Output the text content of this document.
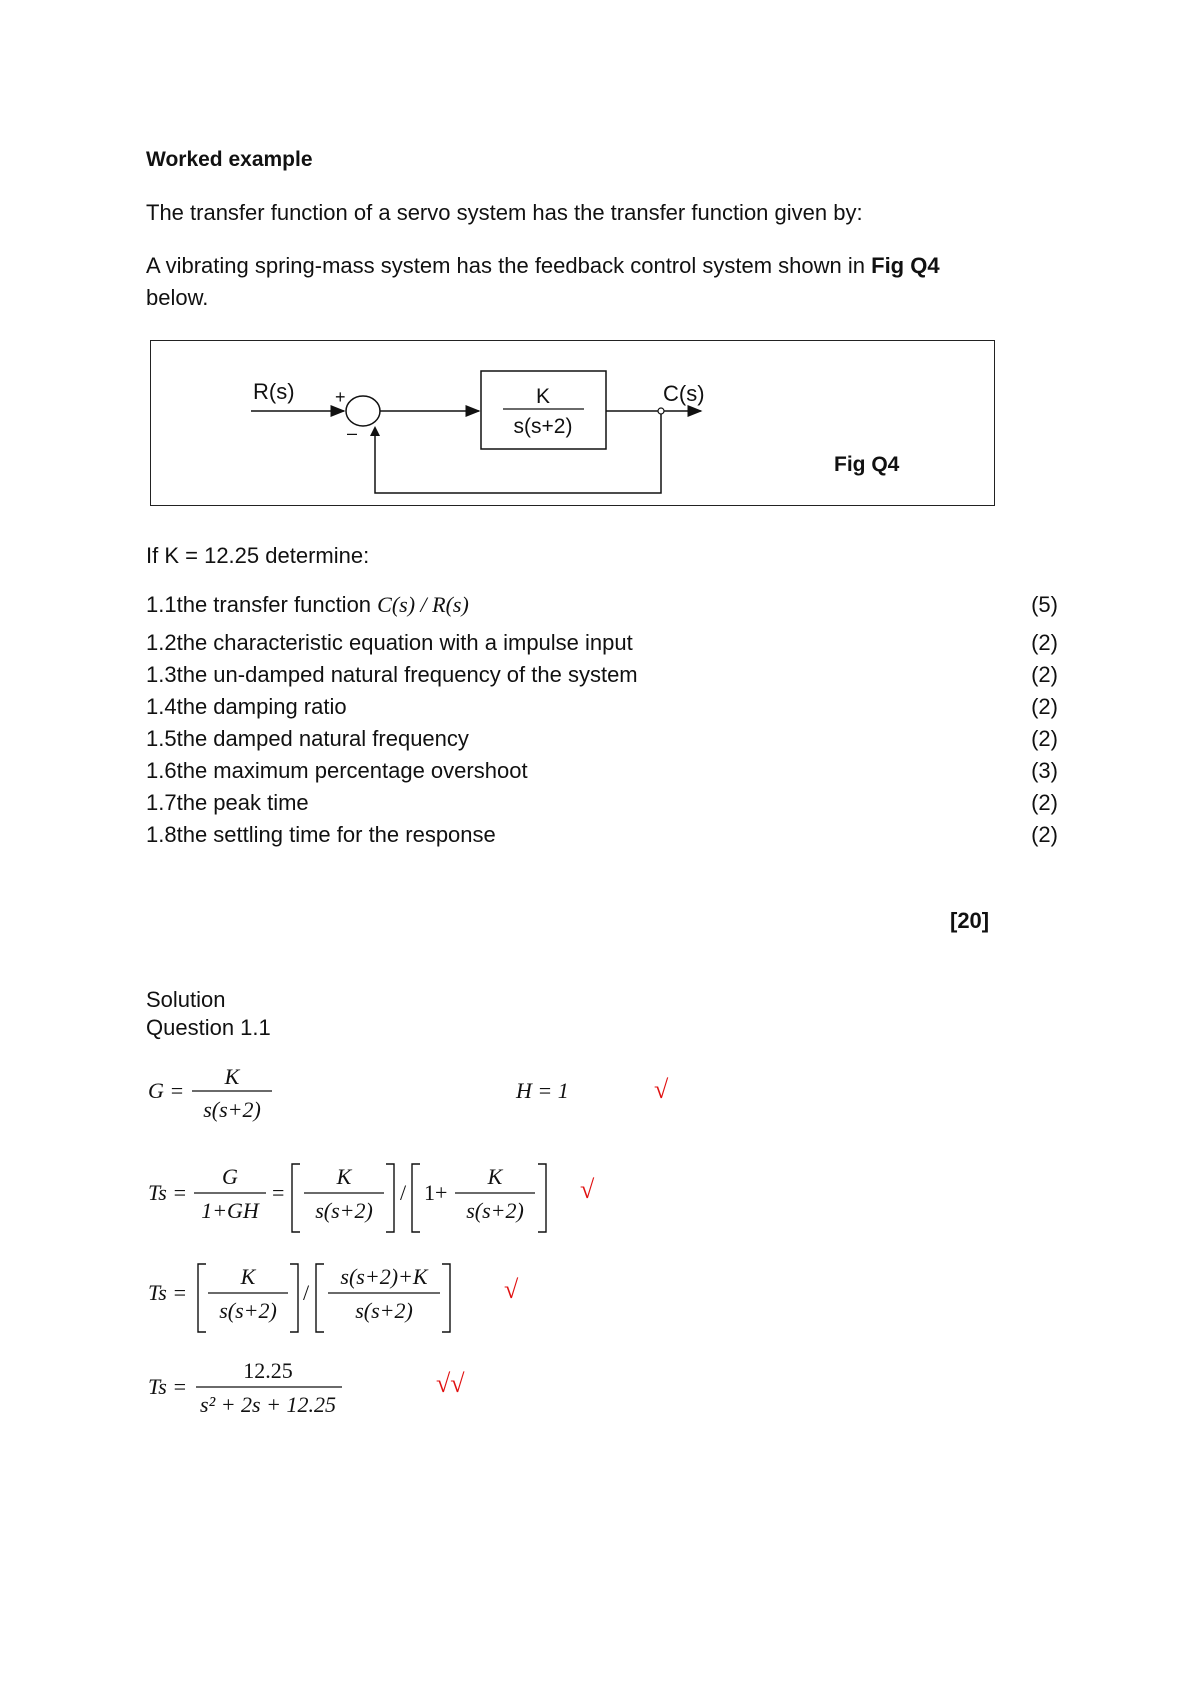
Worked example
The transfer function of a servo system has the transfer function given by:
A vibrating spring-mass system has the feedback control system shown in Fig Q4
below.
R(s) +
–
K
s(s+2)
C(s)
Fig Q4
If K = 12.25 determine:
1.1the transfer function C(s) / R(s)	(5)
1.2the characteristic equation with a impulse input	(2)
1.3the un-damped natural frequency of the system	(2)
1.4the damping ratio	(2)
1.5the damped natural frequency	(2)
1.6the maximum percentage overshoot	(3)
1.7the peak time	(2)
1.8the settling time for the response	(2)
[20]
Solution
Question 1.1
G =
K
s(s+2)
H = 1	√
Ts =
G
1+GH
=
K
s(s+2)
/ 1+
K
s(s+2)
√
Ts =
K
s(s+2)
/
s(s+2)+K
s(s+2)
√
Ts =
12.25
s² + 2s + 12.25
√√
